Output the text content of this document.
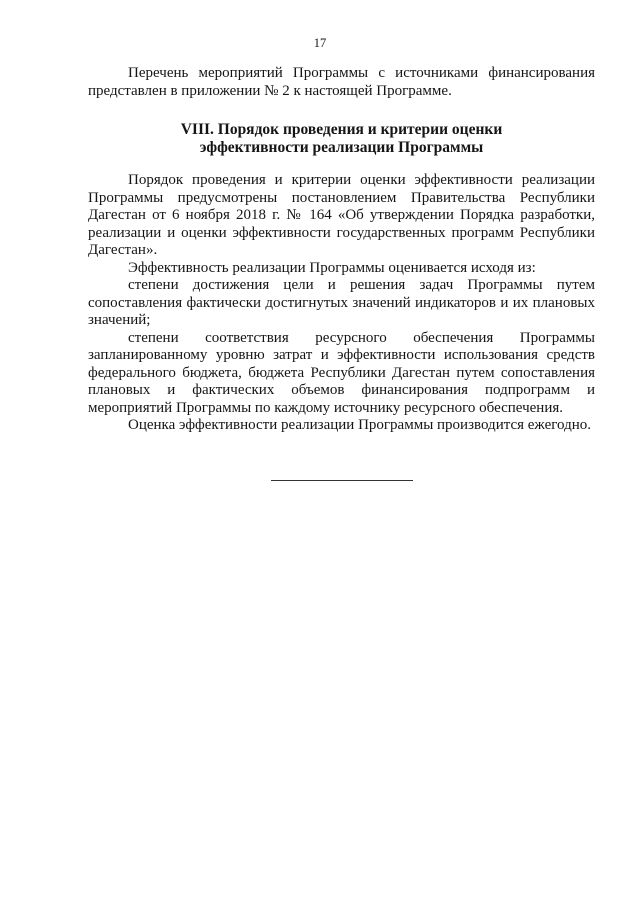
17

Перечень мероприятий Программы с источниками финансирования представлен в приложении № 2 к настоящей Программе.

VIII. Порядок проведения и критерии оценки
эффективности реализации Программы

Порядок проведения и критерии оценки эффективности реализации Программы предусмотрены постановлением Правительства Республики Дагестан от 6 ноября 2018 г. № 164 «Об утверждении Порядка разработки, реализации и оценки эффективности государственных программ Республики Дагестан».

Эффективность реализации Программы оценивается исходя из:

степени достижения цели и решения задач Программы путем сопоставления фактически достигнутых значений индикаторов и их плановых значений;

степени соответствия ресурсного обеспечения Программы запланированному уровню затрат и эффективности использования средств федерального бюджета, бюджета Республики Дагестан путем сопоставления плановых и фактических объемов финансирования подпрограмм и мероприятий Программы по каждому источнику ресурсного обеспечения.

Оценка эффективности реализации Программы производится ежегодно.
